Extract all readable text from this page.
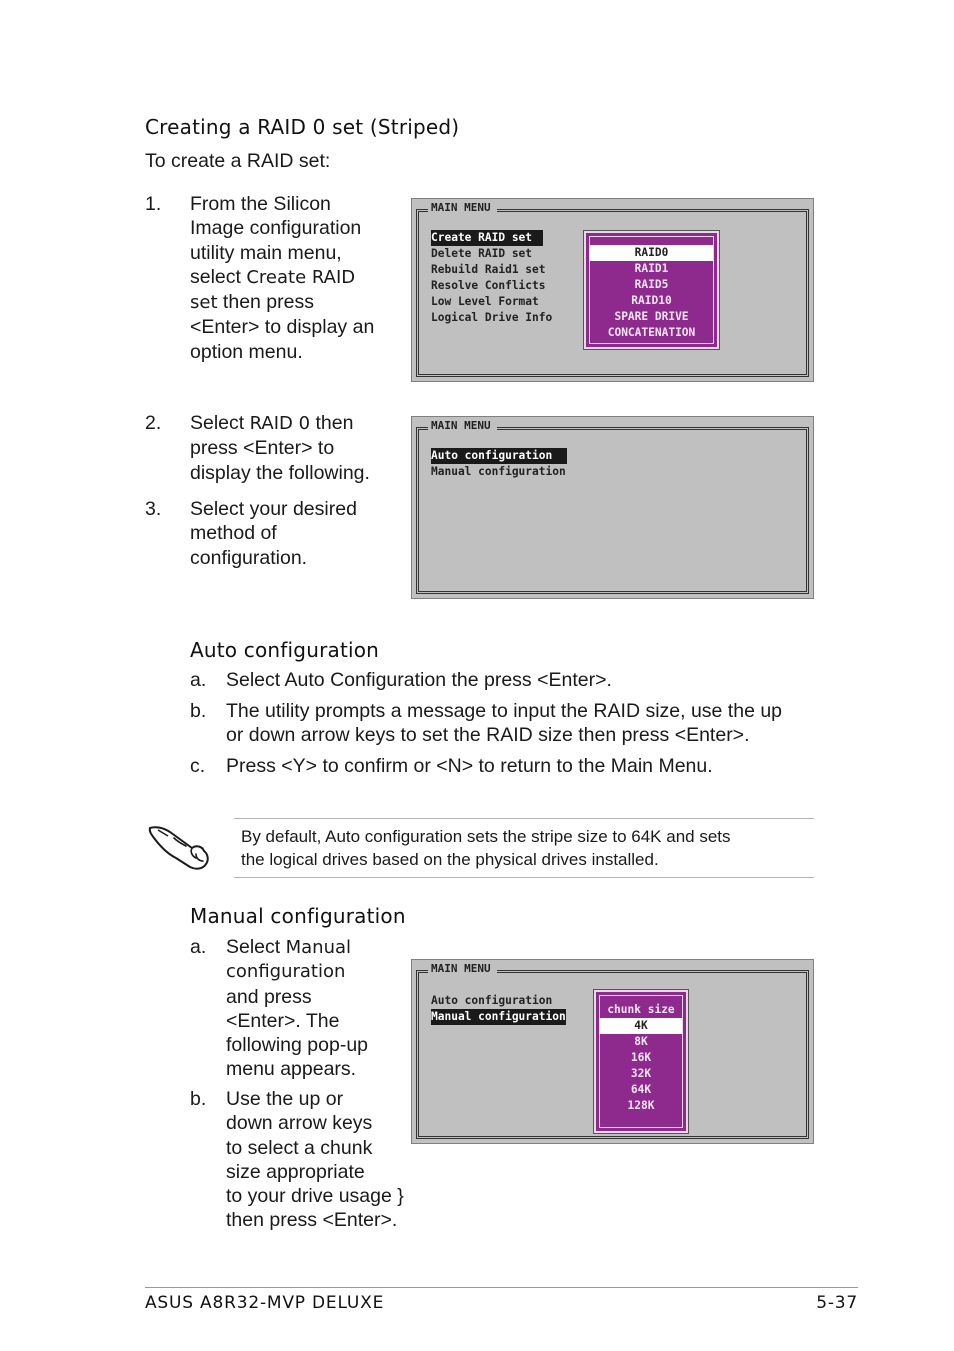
Creating a RAID 0 set (Striped)
To create a RAID set:
1. From the Silicon
Image configuration
utility main menu,
select Create RAID
set then press
<Enter> to display an
option menu.
MAIN MENU
Create RAID set
Delete RAID set
Rebuild Raid1 set
Resolve Conflicts
Low Level Format
Logical Drive Info
RAID0
RAID1
RAID5
RAID10
SPARE DRIVE
CONCATENATION
2. Select RAID 0 then
press <Enter> to
display the following.
3. Select your desired
method of
configuration.
MAIN MENU
Auto configuration
Manual configuration
Auto configuration
a. Select Auto Configuration the press <Enter>.
b. The utility prompts a message to input the RAID size, use the up
or down arrow keys to set the RAID size then press <Enter>.
c. Press <Y> to confirm or <N> to return to the Main Menu.
By default, Auto configuration sets the stripe size to 64K and sets
the logical drives based on the physical drives installed.
Manual configuration
a. Select Manual
configuration
and press
<Enter>. The
following pop-up
menu appears.
b. Use the up or
down arrow keys
to select a chunk
size appropriate
to your drive usage }
then press <Enter>.
MAIN MENU
Auto configuration
Manual configuration
chunk size
4K
8K
16K
32K
64K
128K
ASUS A8R32-MVP DELUXE	5-37
